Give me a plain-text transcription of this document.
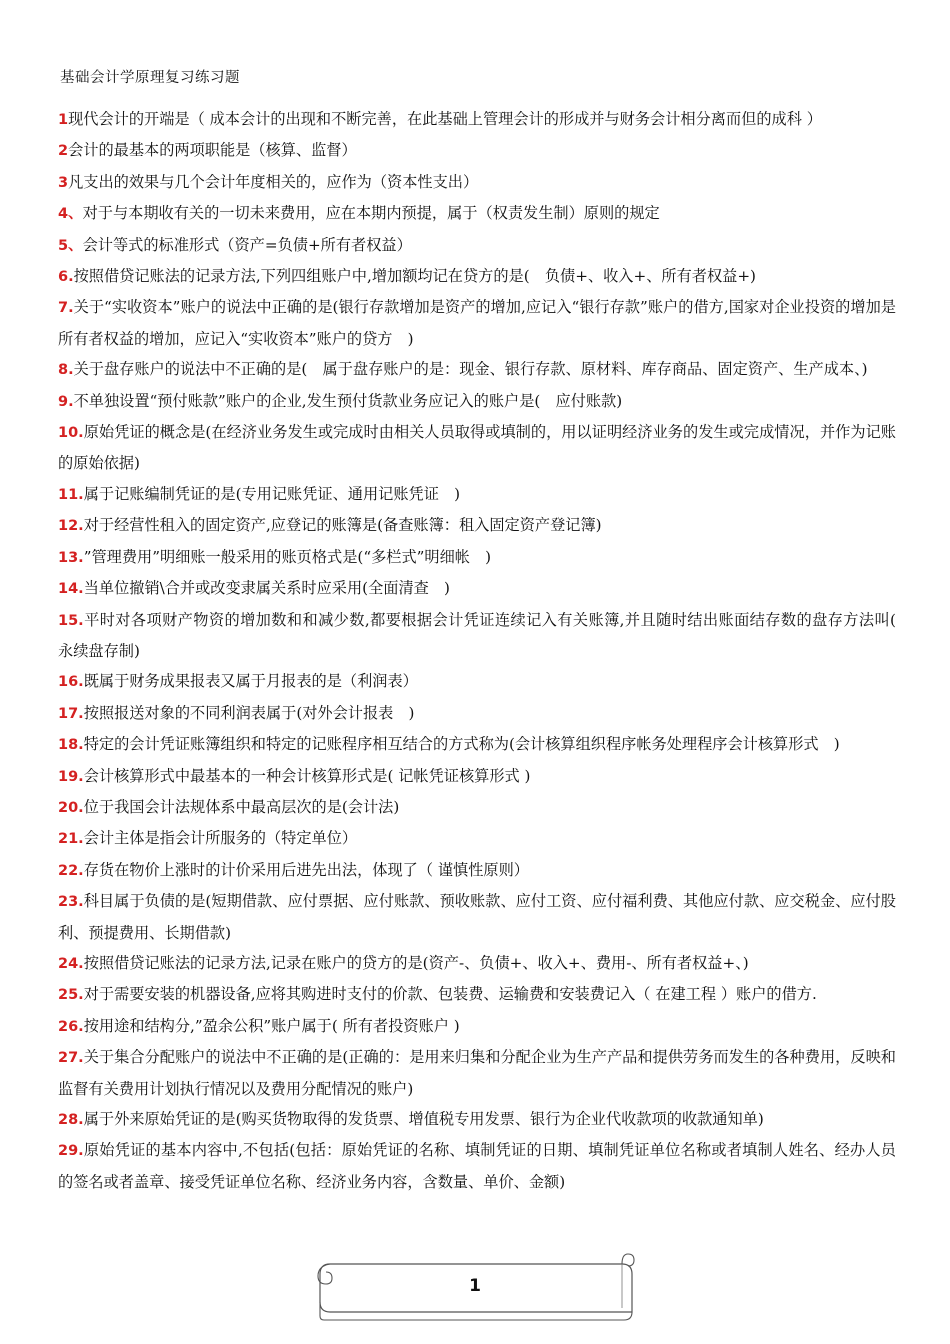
基础会计学原理复习练习题

1现代会计的开端是（ 成本会计的出现和不断完善，在此基础上管理会计的形成并与财务会计相分离而但的成科 ）

2会计的最基本的两项职能是（核算、监督）

3凡支出的效果与几个会计年度相关的，应作为（资本性支出）

4、对于与本期收有关的一切未来费用，应在本期内预提，属于（权责发生制）原则的规定

5、会计等式的标准形式（资产=负债+所有者权益）

6.按照借贷记账法的记录方法,下列四组账户中,增加额均记在贷方的是(　负债+、收入+、所有者权益+)

7.关于“实收资本”账户的说法中正确的是(银行存款增加是资产的增加,应记入“银行存款”账户的借方,国家对企业投资的增加是所有者权益的增加，应记入“实收资本”账户的贷方　)

8.关于盘存账户的说法中不正确的是(　属于盘存账户的是：现金、银行存款、原材料、库存商品、固定资产、生产成本、)

9.不单独设置“预付账款”账户的企业,发生预付货款业务应记入的账户是(　应付账款)

10.原始凭证的概念是(在经济业务发生或完成时由相关人员取得或填制的，用以证明经济业务的发生或完成情况，并作为记账的原始依据)

11.属于记账编制凭证的是(专用记账凭证、通用记账凭证　)

12.对于经营性租入的固定资产,应登记的账簿是(备查账簿：租入固定资产登记簿)

13.”管理费用”明细账一般采用的账页格式是(“多栏式”明细帐　)

14.当单位撤销\合并或改变隶属关系时应采用(全面清查　)

15.平时对各项财产物资的增加数和和减少数,都要根据会计凭证连续记入有关账簿,并且随时结出账面结存数的盘存方法叫(　永续盘存制)

16.既属于财务成果报表又属于月报表的是（利润表）

17.按照报送对象的不同利润表属于(对外会计报表　)

18.特定的会计凭证账簿组织和特定的记账程序相互结合的方式称为(会计核算组织程序帐务处理程序会计核算形式　)

19.会计核算形式中最基本的一种会计核算形式是( 记帐凭证核算形式 )

20.位于我国会计法规体系中最高层次的是(会计法)

21.会计主体是指会计所服务的（特定单位）

22.存货在物价上涨时的计价采用后进先出法，体现了（ 谨慎性原则）

23.科目属于负债的是(短期借款、应付票据、应付账款、预收账款、应付工资、应付福利费、其他应付款、应交税金、应付股利、预提费用、长期借款)

24.按照借贷记账法的记录方法,记录在账户的贷方的是(资产-、负债+、收入+、费用-、所有者权益+、)

25.对于需要安装的机器设备,应将其购进时支付的价款、包装费、运输费和安装费记入（ 在建工程 ）账户的借方.

26.按用途和结构分,”盈余公积”账户属于( 所有者投资账户 )

27.关于集合分配账户的说法中不正确的是(正确的：是用来归集和分配企业为生产产品和提供劳务而发生的各种费用，反映和监督有关费用计划执行情况以及费用分配情况的账户)

28.属于外来原始凭证的是(购买货物取得的发货票、增值税专用发票、银行为企业代收款项的收款通知单)

29.原始凭证的基本内容中,不包括(包括：原始凭证的名称、填制凭证的日期、填制凭证单位名称或者填制人姓名、经办人员的签名或者盖章、接受凭证单位名称、经济业务内容，含数量、单价、金额)

1
